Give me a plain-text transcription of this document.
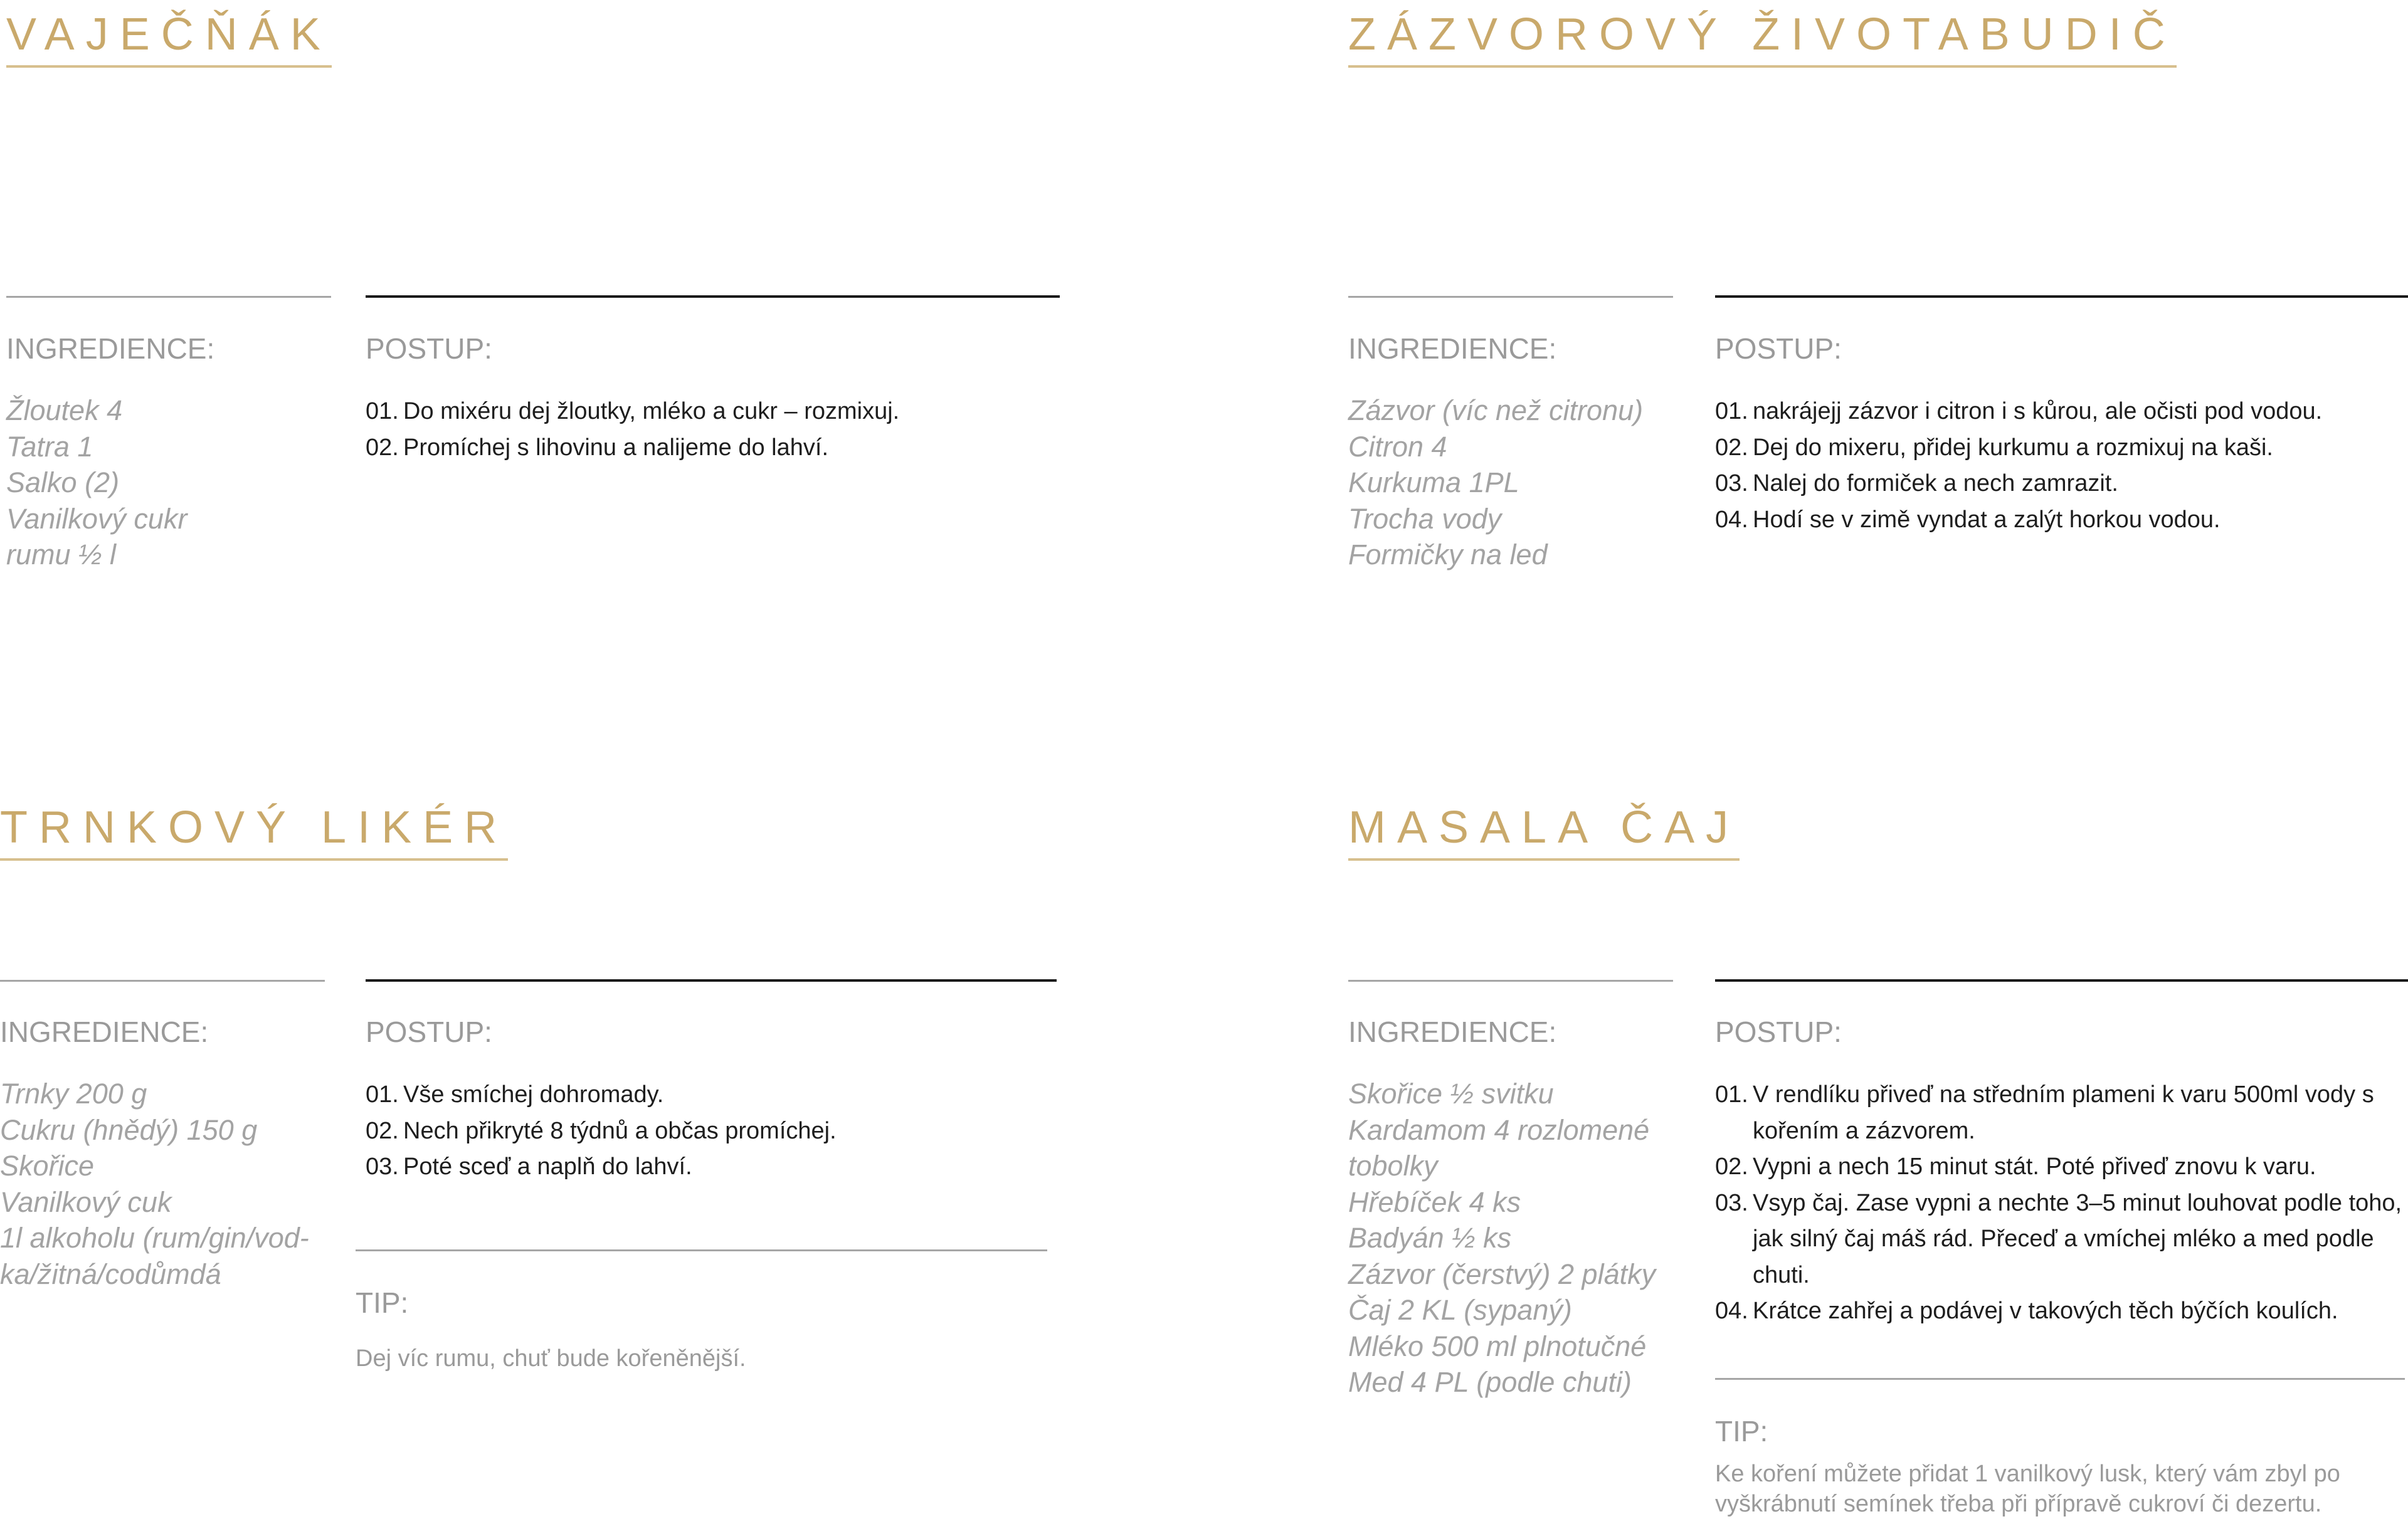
VAJEČŇÁK

INGREDIENCE:	POSTUP:

Žloutek 4
Tatra 1
Salko (2)
Vanilkový cukr
rumu ½ l
01. Do mixéru dej žloutky, mléko a cukr – rozmixuj.
02. Promíchej s lihovinu a nalijeme do lahví.
ZÁZVOROVÝ ŽIVOTABUDIČ

INGREDIENCE:	POSTUP:

Zázvor (víc než citronu)
Citron 4
Kurkuma 1PL
Trocha vody
Formičky na led
01. nakrájejj zázvor i citron i s kůrou, ale očisti pod vodou.
02. Dej do mixeru, přidej kurkumu a rozmixuj na kaši.
03. Nalej do formiček a nech zamrazit.
04. Hodí se v zimě vyndat a zalýt horkou vodou.
TRNKOVÝ LIKÉR

INGREDIENCE:	POSTUP:

Trnky 200 g
Cukru (hnědý) 150 g
Skořice
Vanilkový cuk
1l alkoholu (rum/gin/vod-
ka/žitná/codůmdá
01. Vše smíchej dohromady.
02. Nech přikryté 8 týdnů a občas promíchej.
03. Poté sceď a naplň do lahví.

TIP:

Dej víc rumu, chuť bude kořeněnější.

MASALA ČAJ

INGREDIENCE:	POSTUP:

Skořice ½ svitku
Kardamom 4 rozlomené
tobolky
Hřebíček 4 ks
Badyán ½ ks
Zázvor (čerstvý) 2 plátky
Čaj 2 KL (sypaný)
Mléko 500 ml plnotučné
Med 4 PL (podle chuti)
01. V rendlíku přiveď na středním plameni k varu 500ml vody s kořením a zázvorem.
02. Vypni a nech 15 minut stát. Poté přiveď znovu k varu.
03. Vsyp čaj. Zase vypni a nechte 3–5 minut louhovat podle toho, jak silný čaj máš rád. Přeceď a vmíchej mléko a med podle chuti.
04. Krátce zahřej a podávej v takových těch býčích koulích.

TIP:

Ke koření můžete přidat 1 vanilkový lusk, který vám zbyl po vyškrábnutí semínek třeba při přípravě cukroví či dezertu.
